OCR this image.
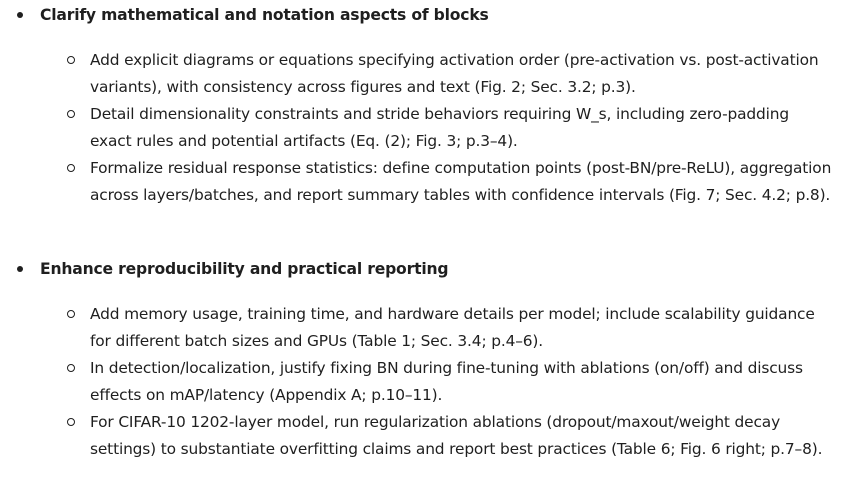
Clarify mathematical and notation aspects of blocks
Add explicit diagrams or equations specifying activation order (pre-activation vs. post-activation variants), with consistency across figures and text (Fig. 2; Sec. 3.2; p.3).
Detail dimensionality constraints and stride behaviors requiring W_s, including zero-padding exact rules and potential artifacts (Eq. (2); Fig. 3; p.3–4).
Formalize residual response statistics: define computation points (post-BN/pre-ReLU), aggregation across layers/batches, and report summary tables with confidence intervals (Fig. 7; Sec. 4.2; p.8).
Enhance reproducibility and practical reporting
Add memory usage, training time, and hardware details per model; include scalability guidance for different batch sizes and GPUs (Table 1; Sec. 3.4; p.4–6).
In detection/localization, justify fixing BN during fine-tuning with ablations (on/off) and discuss effects on mAP/latency (Appendix A; p.10–11).
For CIFAR-10 1202-layer model, run regularization ablations (dropout/maxout/weight decay settings) to substantiate overfitting claims and report best practices (Table 6; Fig. 6 right; p.7–8).
